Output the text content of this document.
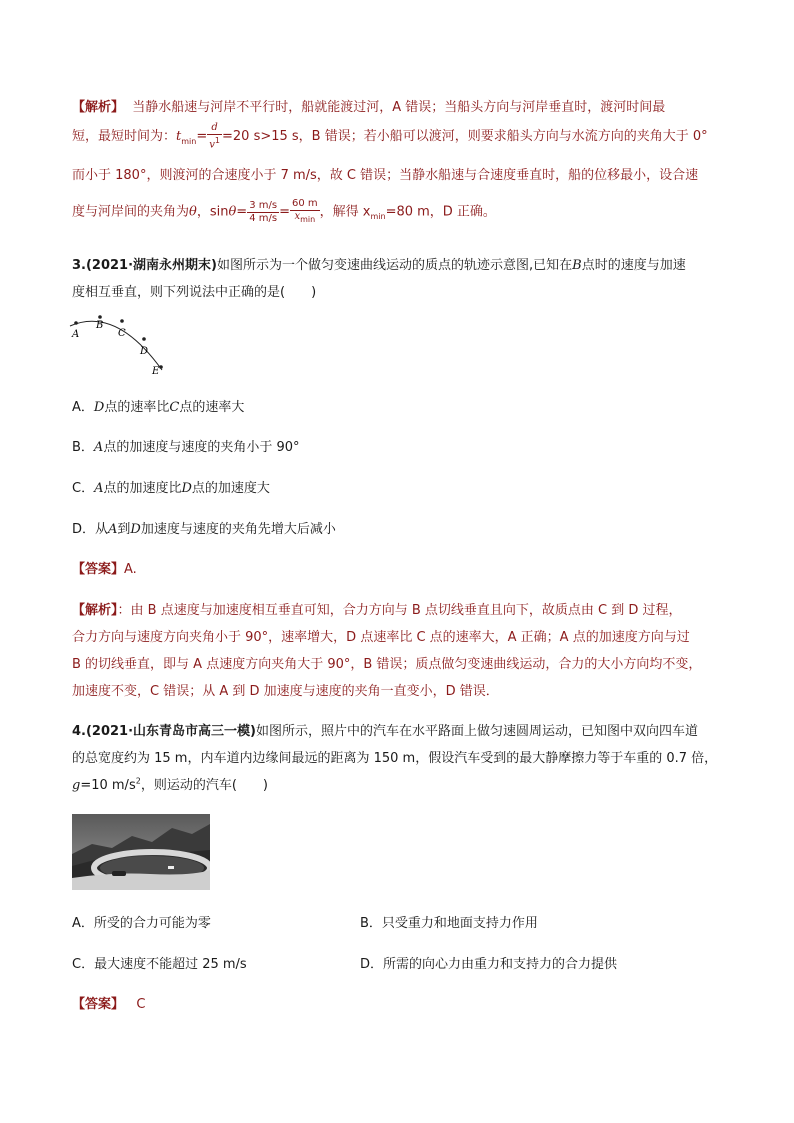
【解析】 当静水船速与河岸不平行时，船就能渡过河，A 错误；当船头方向与河岸垂直时，渡河时间最
短，最短时间为：$t_{min}= \frac{d}{v^1} =20$ s>15 s，B 错误；若小船可以渡河，则要求船头方向与水流方向的夹角大于 0°
而小于 180°，则渡河的合速度小于 7 m/s，故 C 错误；当静水船速与合速度垂直时，船的位移最小，设合速
度与河岸间的夹角为θ，$\sin\theta= \frac{3 m/s}{4 m/s} = \frac{60 m}{x_{min}}$ ，解得 $x_{min}=80$ m，D 正确。
3.(2021·湖南永州期末)如图所示为一个做匀变速曲线运动的质点的轨迹示意图,已知在B点时的速度与加速
度相互垂直，则下列说法中正确的是(　　)
A
B
C
D
E
A．D点的速率比C点的速率大
B．A点的加速度与速度的夹角小于 90°
C．A点的加速度比D点的加速度大
D．从A到D加速度与速度的夹角先增大后减小
【答案】A.
【解析】：由 B 点速度与加速度相互垂直可知，合力方向与 B 点切线垂直且向下，故质点由 C 到 D 过程，
合力方向与速度方向夹角小于 90°，速率增大，D 点速率比 C 点的速率大，A 正确；A 点的加速度方向与过
B 的切线垂直，即与 A 点速度方向夹角大于 90°，B 错误；质点做匀变速曲线运动，合力的大小方向均不变，
加速度不变，C 错误；从 A 到 D 加速度与速度的夹角一直变小，D 错误．
4.(2021·山东青岛市高三一模)如图所示，照片中的汽车在水平路面上做匀速圆周运动，已知图中双向四车道
的总宽度约为 15 m，内车道内边缘间最远的距离为 150 m，假设汽车受到的最大静摩擦力等于车重的 0.7 倍，
g=10 $m/s^2$，则运动的汽车(　　)
A．所受的合力可能为零	B．只受重力和地面支持力作用
C．最大速度不能超过 25 m/s	D．所需的向心力由重力和支持力的合力提供
【答案】 C
